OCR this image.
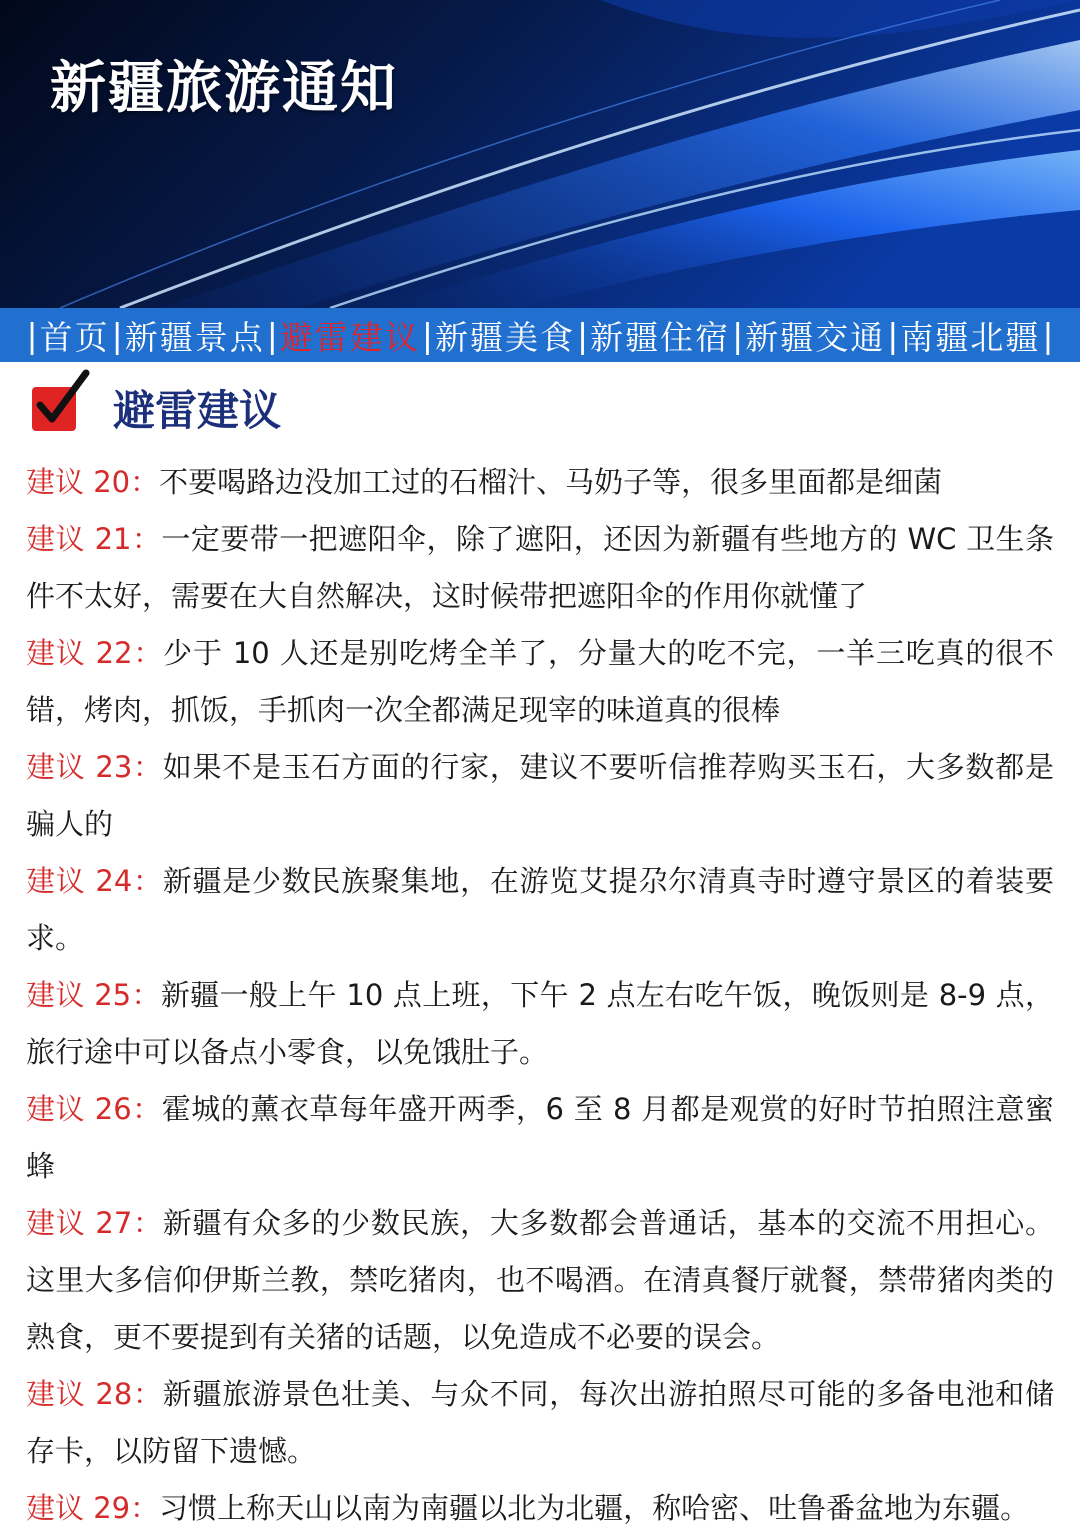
新疆旅游通知
| 首页 | 新疆景点 | 避雷建议 | 新疆美食 | 新疆住宿 | 新疆交通 | 南疆北疆 |
避雷建议

建议 20：不要喝路边没加工过的石榴汁、马奶子等，很多里面都是细菌

建议 21：一定要带一把遮阳伞，除了遮阳，还因为新疆有些地方的 WC 卫生条件不太好，需要在大自然解决，这时候带把遮阳伞的作用你就懂了

建议 22：少于 10 人还是别吃烤全羊了，分量大的吃不完，一羊三吃真的很不错，烤肉，抓饭，手抓肉一次全都满足现宰的味道真的很棒

建议 23：如果不是玉石方面的行家，建议不要听信推荐购买玉石，大多数都是骗人的

建议 24：新疆是少数民族聚集地，在游览艾提尕尔清真寺时遵守景区的着装要求。

建议 25：新疆一般上午 10 点上班，下午 2 点左右吃午饭，晚饭则是 8-9 点，旅行途中可以备点小零食，以免饿肚子。

建议 26：霍城的薰衣草每年盛开两季，6 至 8 月都是观赏的好时节拍照注意蜜蜂

建议 27：新疆有众多的少数民族，大多数都会普通话，基本的交流不用担心。这里大多信仰伊斯兰教，禁吃猪肉，也不喝酒。在清真餐厅就餐，禁带猪肉类的熟食，更不要提到有关猪的话题，以免造成不必要的误会。

建议 28：新疆旅游景色壮美、与众不同，每次出游拍照尽可能的多备电池和储存卡，以防留下遗憾。

建议 29：习惯上称天山以南为南疆以北为北疆，称哈密、吐鲁番盆地为东疆。
